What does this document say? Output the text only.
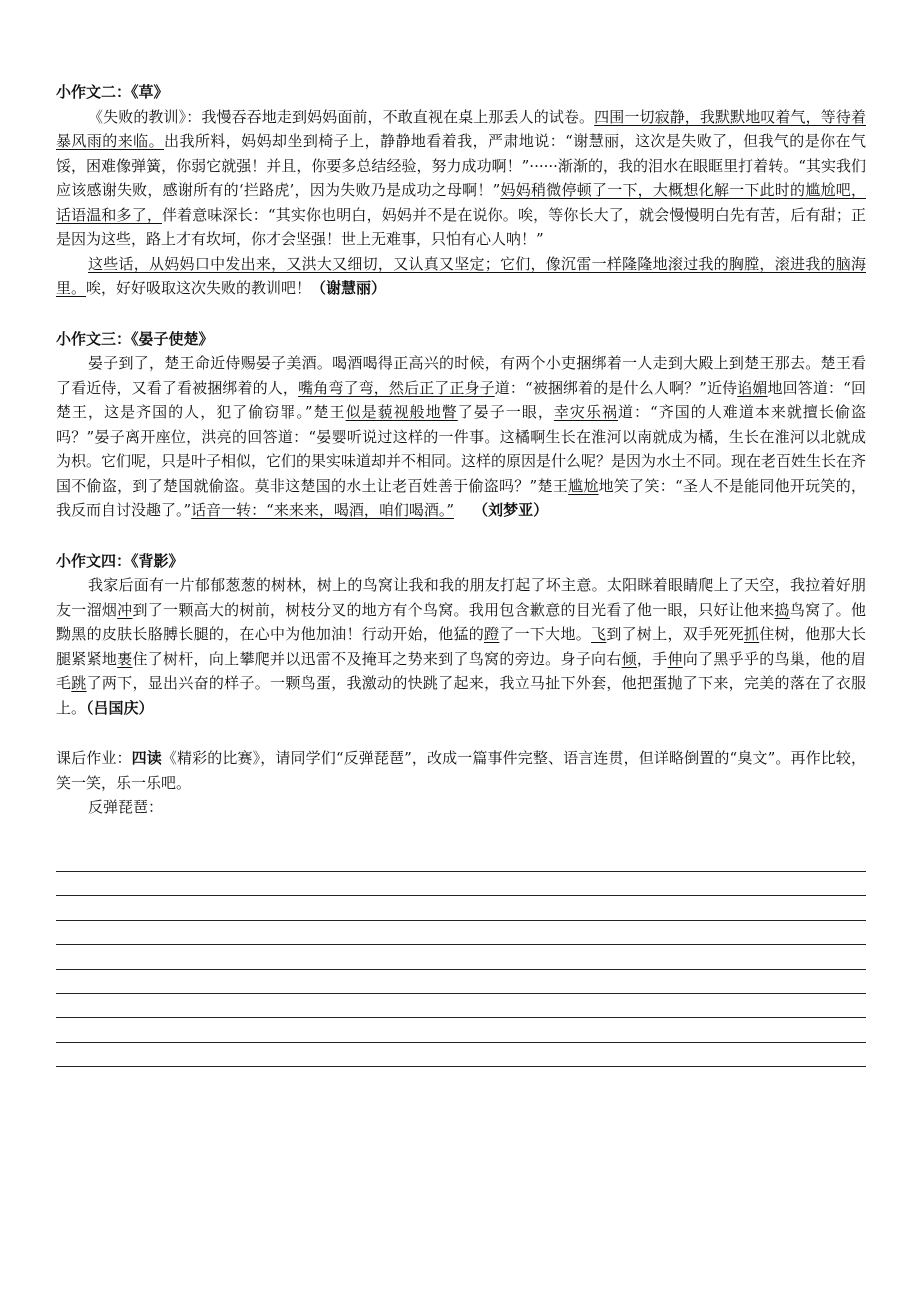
小作文二：《草》

《失败的教训》：我慢吞吞地走到妈妈面前，不敢直视在桌上那丢人的试卷。四围一切寂静，我默默地叹着气，等待着暴风雨的来临。出我所料，妈妈却坐到椅子上，静静地看着我，严肃地说：“谢慧丽，这次是失败了，但我气的是你在气馁，困难像弹簧，你弱它就强！并且，你要多总结经验，努力成功啊！”······渐渐的，我的泪水在眼眶里打着转。“其实我们应该感谢失败，感谢所有的‘拦路虎’，因为失败乃是成功之母啊！”妈妈稍微停顿了一下，大概想化解一下此时的尴尬吧，话语温和多了，伴着意味深长：“其实你也明白，妈妈并不是在说你。唉，等你长大了，就会慢慢明白先有苦，后有甜；正是因为这些，路上才有坎坷，你才会坚强！世上无难事，只怕有心人呐！”

这些话，从妈妈口中发出来，又洪大又细切，又认真又坚定；它们，像沉雷一样隆隆地滚过我的胸膛，滚进我的脑海里。唉，好好吸取这次失败的教训吧！（谢慧丽）

小作文三：《晏子使楚》

晏子到了，楚王命近侍赐晏子美酒。喝酒喝得正高兴的时候，有两个小吏捆绑着一人走到大殿上到楚王那去。楚王看了看近侍，又看了看被捆绑着的人，嘴角弯了弯，然后正了正身子道：“被捆绑着的是什么人啊？”近侍谄媚地回答道：“回楚王，这是齐国的人，犯了偷窃罪。”楚王似是藐视般地瞥了晏子一眼，幸灾乐祸道：“齐国的人难道本来就擅长偷盗吗？”晏子离开座位，洪亮的回答道：“晏婴听说过这样的一件事。这橘啊生长在淮河以南就成为橘，生长在淮河以北就成为枳。它们呢，只是叶子相似，它们的果实味道却并不相同。这样的原因是什么呢？是因为水土不同。现在老百姓生长在齐国不偷盗，到了楚国就偷盗。莫非这楚国的水土让老百姓善于偷盗吗？”楚王尴尬地笑了笑：“圣人不是能同他开玩笑的，我反而自讨没趣了。”话音一转：“来来来，喝酒，咱们喝酒。” （刘梦亚）

小作文四：《背影》

我家后面有一片郁郁葱葱的树林，树上的鸟窝让我和我的朋友打起了坏主意。太阳眯着眼睛爬上了天空，我拉着好朋友一溜烟冲到了一颗高大的树前，树枝分叉的地方有个鸟窝。我用包含歉意的目光看了他一眼，只好让他来捣鸟窝了。他黝黑的皮肤长胳膊长腿的，在心中为他加油！行动开始，他猛的蹬了一下大地。飞到了树上，双手死死抓住树，他那大长腿紧紧地裹住了树杆，向上攀爬并以迅雷不及掩耳之势来到了鸟窝的旁边。身子向右倾，手伸向了黑乎乎的鸟巢，他的眉毛跳了两下，显出兴奋的样子。一颗鸟蛋，我激动的快跳了起来，我立马扯下外套，他把蛋抛了下来，完美的落在了衣服上。（吕国庆）

课后作业：四读《精彩的比赛》，请同学们“反弹琵琶”，改成一篇事件完整、语言连贯，但详略倒置的“臭文”。再作比较，笑一笑，乐一乐吧。

反弹琵琶：
